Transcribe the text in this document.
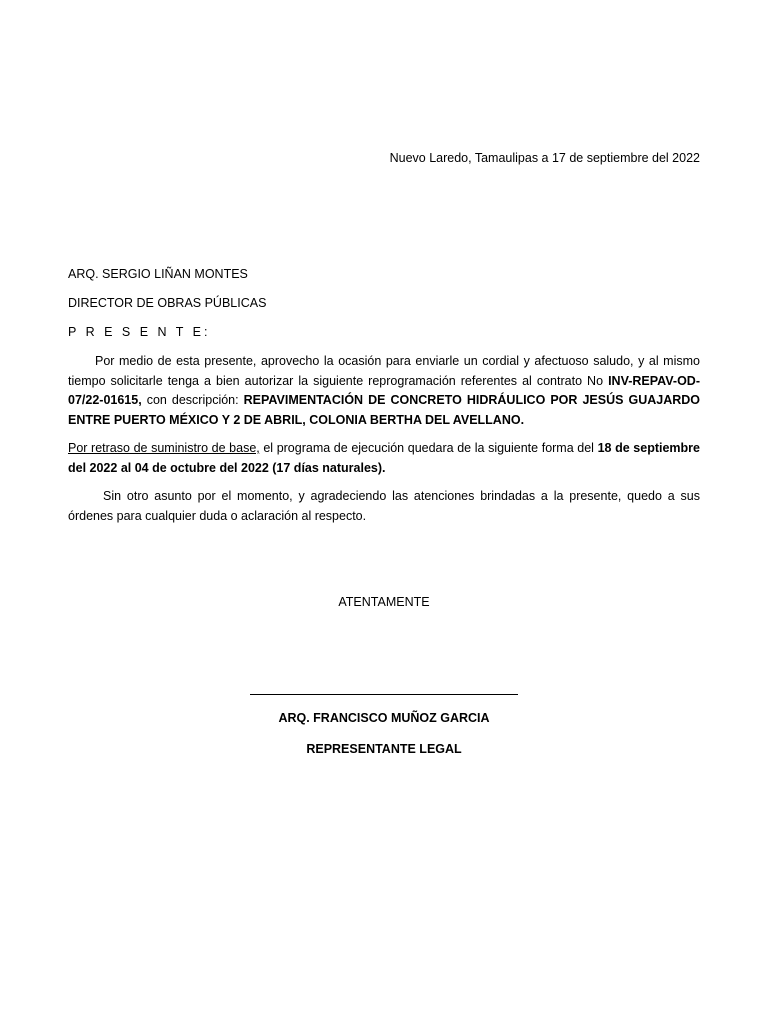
Nuevo Laredo, Tamaulipas a 17 de septiembre del 2022
ARQ. SERGIO LIÑAN MONTES
DIRECTOR DE OBRAS PÚBLICAS
P R E S E N T E:

Por medio de esta presente, aprovecho la ocasión para enviarle un cordial y afectuoso saludo, y al mismo tiempo solicitarle tenga a bien autorizar la siguiente reprogramación referentes al contrato No INV-REPAV-OD-07/22-01615, con descripción: REPAVIMENTACIÓN DE CONCRETO HIDRÁULICO POR JESÚS GUAJARDO ENTRE PUERTO MÉXICO Y 2 DE ABRIL, COLONIA BERTHA DEL AVELLANO.

Por retraso de suministro de base, el programa de ejecución quedara de la siguiente forma del 18 de septiembre del 2022 al 04 de octubre del 2022 (17 días naturales).

Sin otro asunto por el momento, y agradeciendo las atenciones brindadas a la presente, quedo a sus órdenes para cualquier duda o aclaración al respecto.

ATENTAMENTE
ARQ. FRANCISCO MUÑOZ GARCIA
REPRESENTANTE LEGAL
